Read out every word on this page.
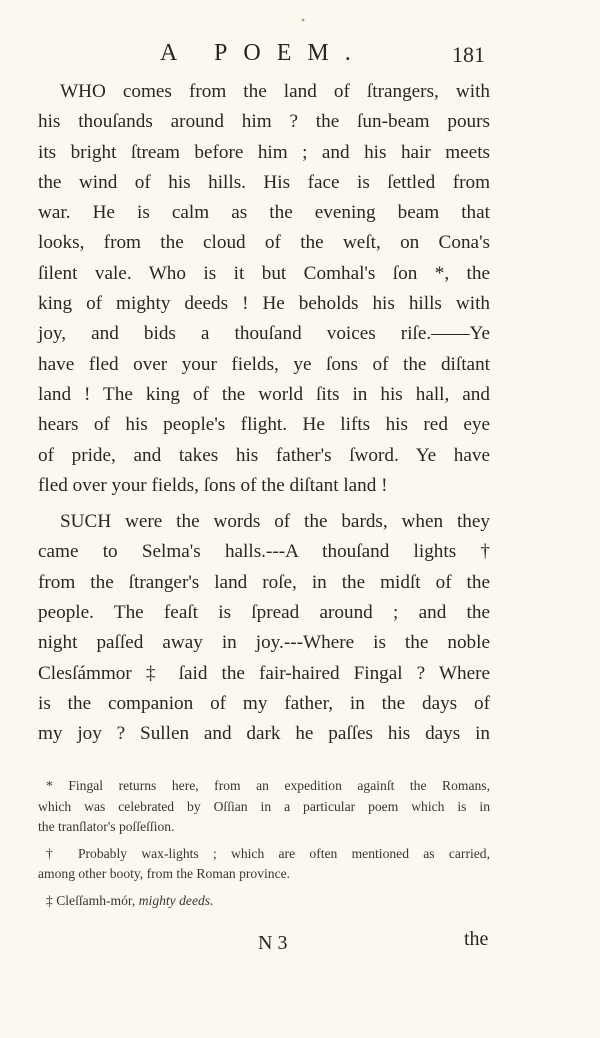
•
A POEM.	181
WHO comes from the land of ſtrangers, with
his thouſands around him ? the ſun-beam pours
its bright ſtream before him ; and his hair meets
the wind of his hills. His face is ſettled from
war. He is calm as the evening beam that
looks, from the cloud of the weſt, on Cona's
ſilent vale. Who is it but Comhal's ſon *, the
king of mighty deeds ! He beholds his hills with
joy, and bids a thouſand voices riſe.——Ye
have fled over your fields, ye ſons of the diſtant
land ! The king of the world ſits in his hall, and
hears of his people's flight. He lifts his red eye
of pride, and takes his father's ſword. Ye have
fled over your fields, ſons of the diſtant land !
SUCH were the words of the bards, when they
came to Selma's halls.---A thouſand lights †
from the ſtranger's land roſe, in the midſt of the
people. The feaſt is ſpread around ; and the
night paſſed away in joy.---Where is the noble
Clesſámmor ‡ ſaid the fair-haired Fingal ? Where
is the companion of my father, in the days of
my joy ? Sullen and dark he paſſes his days in
* Fingal returns here, from an expedition againſt the Romans,
which was celebrated by Oſſian in a particular poem which is in
the tranſlator's poſſeſſion.
† Probably wax-lights ; which are often mentioned as carried,
among other booty, from the Roman province.
‡ Cleſſamh-mór, mighty deeds.
N 3	the
